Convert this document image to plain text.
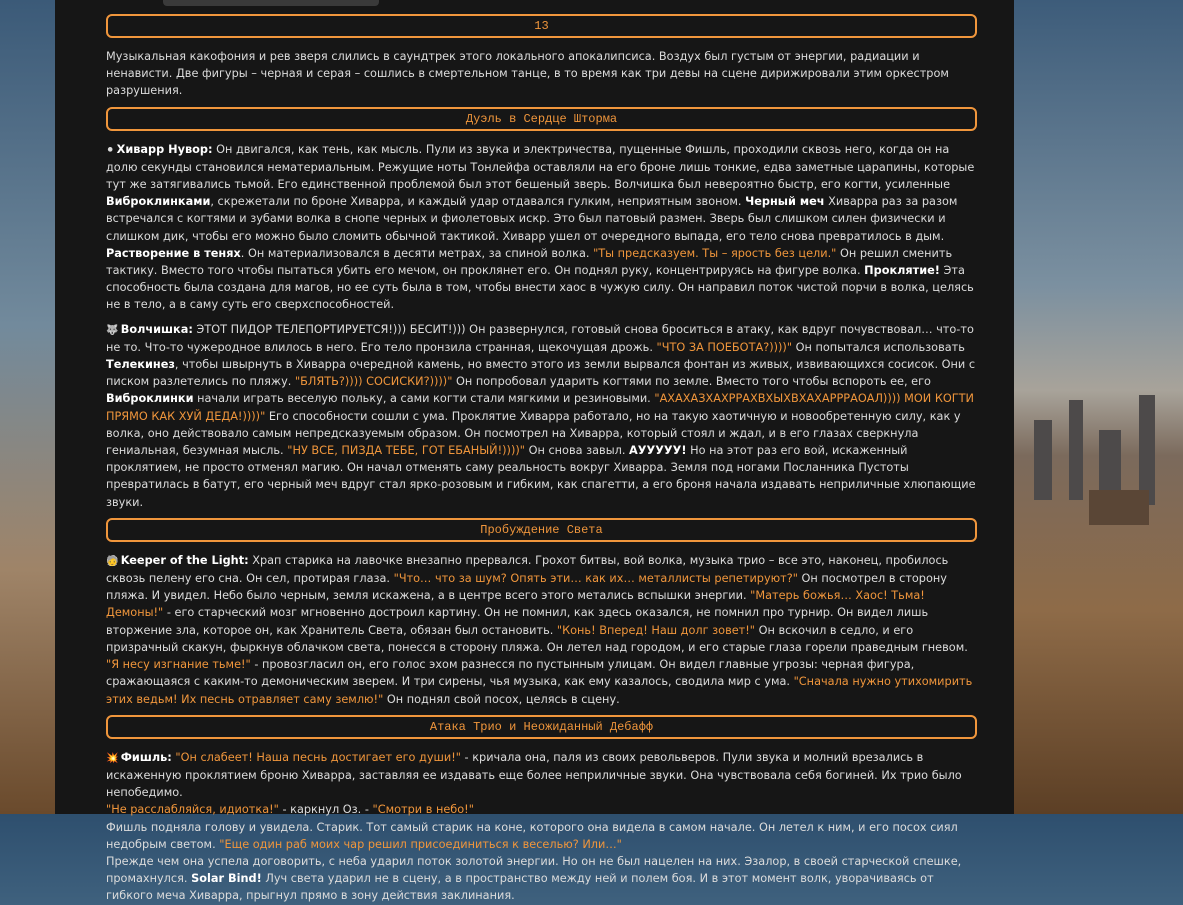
13

Музыкальная какофония и рев зверя слились в саундтрек этого локального апокалипсиса. Воздух был густым от энергии, радиации и ненависти. Две фигуры – черная и серая – сошлись в смертельном танце, в то время как три девы на сцене дирижировали этим оркестром разрушения.

Дуэль в Сердце Шторма

⚫  Хиварр Нувор: Он двигался, как тень, как мысль. Пули из звука и электричества, пущенные Фишль, проходили сквозь него, когда он на долю секунды становился нематериальным. Режущие ноты Тонлейфа оставляли на его броне лишь тонкие, едва заметные царапины, которые тут же затягивались тьмой. Его единственной проблемой был этот бешеный зверь. Волчишка был невероятно быстр, его когти, усиленные Виброклинками, скрежетали по броне Хиварра, и каждый удар отдавался гулким, неприятным звоном. Черный меч Хиварра раз за разом встречался с когтями и зубами волка в снопе черных и фиолетовых искр. Это был патовый размен. Зверь был слишком силен физически и слишком дик, чтобы его можно было сломить обычной тактикой. Хиварр ушел от очередного выпада, его тело снова превратилось в дым. Растворение в тенях. Он материализовался в десяти метрах, за спиной волка. "Ты предсказуем. Ты – ярость без цели." Он решил сменить тактику. Вместо того чтобы пытаться убить его мечом, он проклянет его. Он поднял руку, концентрируясь на фигуре волка. Проклятие! Эта способность была создана для магов, но ее суть была в том, чтобы внести хаос в чужую силу. Он направил поток чистой порчи в волка, целясь не в тело, а в саму суть его сверхспособностей.

🐺  Волчишка: ЭТОТ ПИДОР ТЕЛЕПОРТИРУЕТСЯ!))) БЕСИТ!))) Он развернулся, готовый снова броситься в атаку, как вдруг почувствовал… что-то не то. Что-то чужеродное влилось в него. Его тело пронзила странная, щекочущая дрожь. "ЧТО ЗА ПОЕБОТА?))))" Он попытался использовать Телекинез, чтобы швырнуть в Хиварра очередной камень, но вместо этого из земли вырвался фонтан из живых, извивающихся сосисок. Они с писком разлетелись по пляжу. "БЛЯТЬ?)))) СОСИСКИ?))))" Он попробовал ударить когтями по земле. Вместо того чтобы вспороть ее, его Виброклинки начали играть веселую польку, а сами когти стали мягкими и резиновыми. "АХАХАЗХАХРРАХВХЫХВХАХАРРРАОАЛ)))) МОИ КОГТИ ПРЯМО КАК ХУЙ ДЕДА!))))" Его способности сошли с ума. Проклятие Хиварра работало, но на такую хаотичную и новообретенную силу, как у волка, оно действовало самым непредсказуемым образом. Он посмотрел на Хиварра, который стоял и ждал, и в его глазах сверкнула гениальная, безумная мысль. "НУ ВСЕ, ПИЗДА ТЕБЕ, ГОТ ЕБАНЫЙ!))))" Он снова завыл. АУУУУУ! Но на этот раз его вой, искаженный проклятием, не просто отменял магию. Он начал отменять саму реальность вокруг Хиварра. Земля под ногами Посланника Пустоты превратилась в батут, его черный меч вдруг стал ярко-розовым и гибким, как спагетти, а его броня начала издавать неприличные хлюпающие звуки.

Пробуждение Света

🧓  Keeper of the Light: Храп старика на лавочке внезапно прервался. Грохот битвы, вой волка, музыка трио – все это, наконец, пробилось сквозь пелену его сна. Он сел, протирая глаза. "Что… что за шум? Опять эти… как их… металлисты репетируют?" Он посмотрел в сторону пляжа. И увидел. Небо было черным, земля искажена, а в центре всего этого метались вспышки энергии. "Матерь божья… Хаос! Тьма! Демоны!" - его старческий мозг мгновенно дострoил картину. Он не помнил, как здесь оказался, не помнил про турнир. Он видел лишь вторжение зла, которое он, как Хранитель Света, обязан был остановить. "Конь! Вперед! Наш долг зовет!" Он вскочил в седло, и его призрачный скакун, фыркнув облачком света, понесся в сторону пляжа. Он летел над городом, и его старые глаза горели праведным гневом. "Я несу изгнание тьме!" - провозгласил он, его голос эхом разнесся по пустынным улицам. Он видел главные угрозы: черная фигура, сражающаяся с каким-то демоническим зверем. И три сирены, чья музыка, как ему казалось, сводила мир с ума. "Сначала нужно утихомирить этих ведьм! Их песнь отравляет саму землю!" Он поднял свой посох, целясь в сцену.

Атака Трио и Неожиданный Дебафф

💥  Фишль: "Он слабеет! Наша песнь достигает его души!" - кричала она, паля из своих револьверов. Пули звука и молний врезались в искаженную проклятием броню Хиварра, заставляя ее издавать еще более неприличные звуки. Она чувствовала себя богиней. Их трио было непобедимо.
"Не расслабляйся, идиотка!" - каркнул Оз. - "Смотри в небо!"
Фишль подняла голову и увидела. Старик. Тот самый старик на коне, которого она видела в самом начале. Он летел к ним, и его посох сиял недобрым светом. "Еще один раб моих чар решил присоединиться к веселью? Или…"
Прежде чем она успела договорить, с неба ударил поток золотой энергии. Но он не был нацелен на них. Эзалор, в своей старческой спешке, промахнулся. Solar Bind! Луч света ударил не в сцену, а в пространство между ней и полем боя. И в этот момент волк, уворачиваясь от гибкого меча Хиварра, прыгнул прямо в зону действия заклинания.
